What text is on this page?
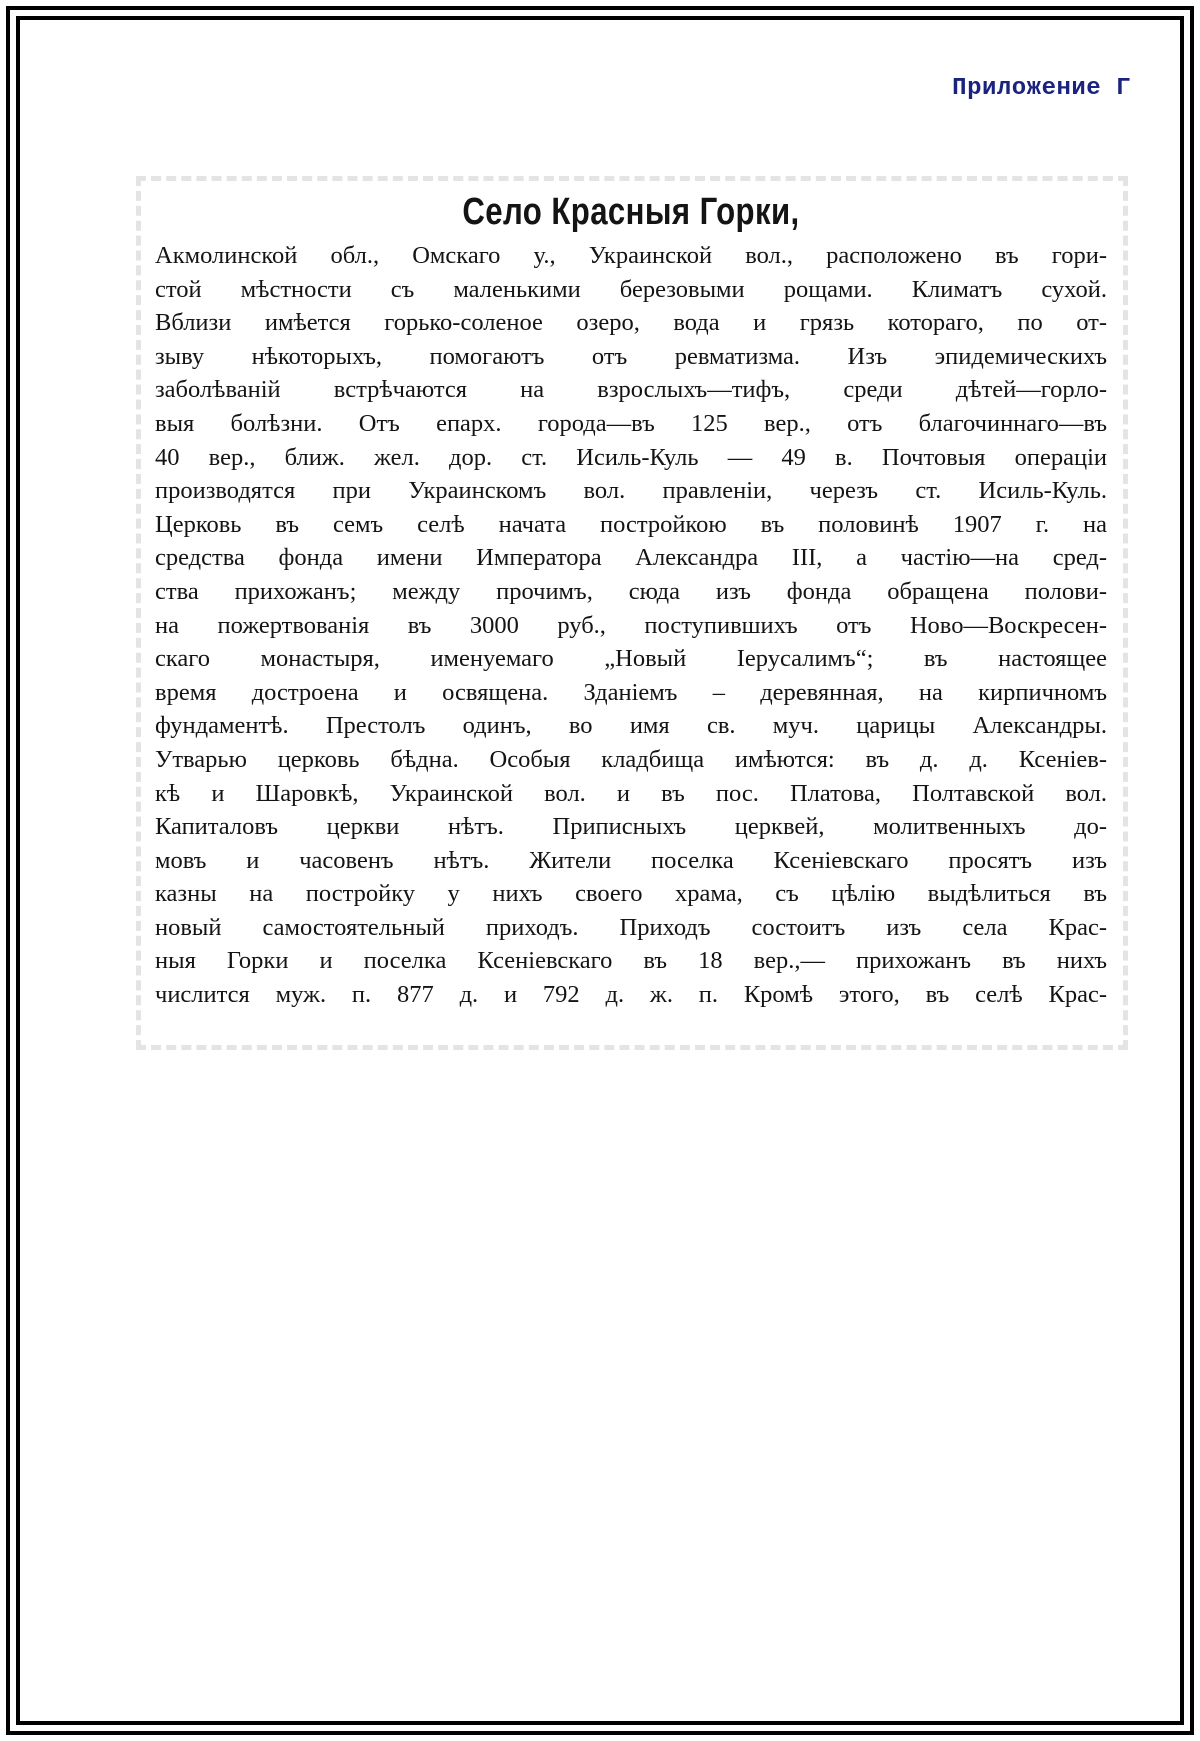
Приложение Г
Село Красныя Горки,
Акмолинской обл., Омскаго у., Украинской вол., расположено въ гори-
стой мѣстности съ маленькими березовыми рощами. Климатъ сухой.
Вблизи имѣется горько-соленое озеро, вода и грязь котораго, по от-
зыву нѣкоторыхъ, помогаютъ отъ ревматизма. Изъ эпидемическихъ
заболѣваній встрѣчаются на взрослыхъ—тифъ, среди дѣтей—горло-
выя болѣзни. Отъ епарх. города—въ 125 вер., отъ благочиннаго—въ
40 вер., ближ. жел. дор. ст. Исиль-Куль — 49 в. Почтовыя операціи
производятся при Украинскомъ вол. правленіи, черезъ ст. Исиль-Куль.
Церковь въ семъ селѣ начата постройкою въ половинѣ 1907 г. на
средства фонда имени Императора Александра III, а частію—на сред-
ства прихожанъ; между прочимъ, сюда изъ фонда обращена полови-
на пожертвованія въ 3000 руб., поступившихъ отъ Ново—Воскресен-
скаго монастыря, именуемаго „Новый Іерусалимъ“; въ настоящее
время достроена и освящена. Зданіемъ – деревянная, на кирпичномъ
фундаментѣ. Престолъ одинъ, во имя св. муч. царицы Александры.
Утварью церковь бѣдна. Особыя кладбища имѣются: въ д. д. Ксеніев-
кѣ и Шаровкѣ, Украинской вол. и въ пос. Платова, Полтавской вол.
Капиталовъ церкви нѣтъ. Приписныхъ церквей, молитвенныхъ до-
мовъ и часовенъ нѣтъ. Жители поселка Ксеніевскаго просятъ изъ
казны на постройку у нихъ своего храма, съ цѣлію выдѣлиться въ
новый самостоятельный приходъ. Приходъ состоитъ изъ села Крас-
ныя Горки и поселка Ксеніевскаго въ 18 вер.,— прихожанъ въ нихъ
числится муж. п. 877 д. и 792 д. ж. п. Кромѣ этого, въ селѣ Крас-
